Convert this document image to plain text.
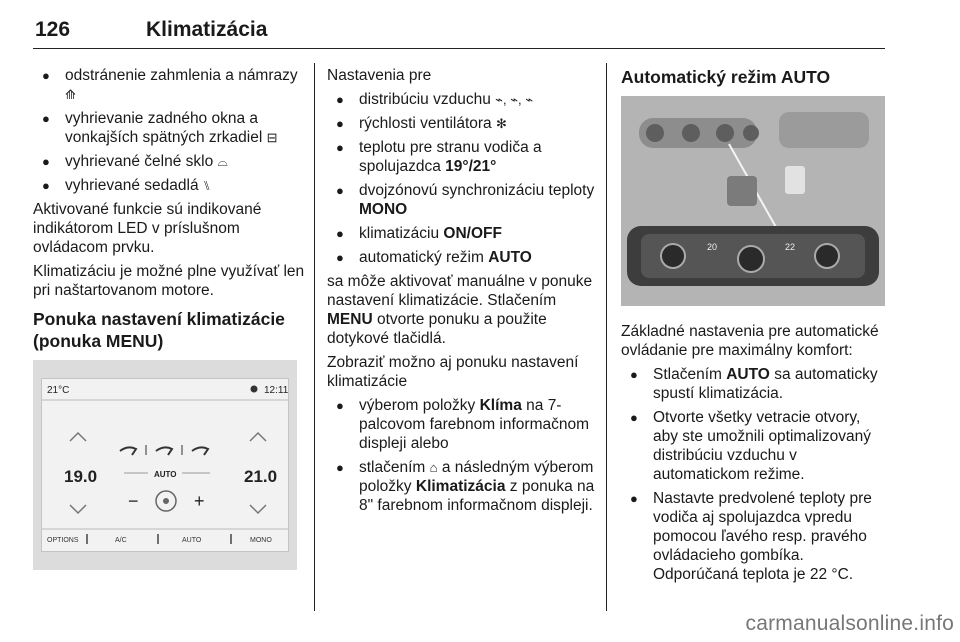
126	Klimatizácia
● odstránenie zahmlenia a námrazy ⟰
● vyhrievanie zadného okna a vonkajších spätných zrkadiel ⊟
● vyhrievané čelné sklo ⌓
● vyhrievané sedadlá ⑊

Aktivované funkcie sú indikované indikátorom LED v príslušnom ovládacom prvku.

Klimatizáciu je možné plne využívať len pri naštartovanom motore.

Ponuka nastavení klimatizácie (ponuka MENU)
21°C	12:11
19.0	21.0
AUTO
−	+
OPTIONS	A/C	AUTO	MONO

Nastavenia pre

● distribúciu vzduchu ⌁, ⌁, ⌁
● rýchlosti ventilátora ✻
● teplotu pre stranu vodiča a spolujazdca 19°/21°
● dvojzónovú synchronizáciu teploty MONO
● klimatizáciu ON/OFF
● automatický režim AUTO

sa môže aktivovať manuálne v ponuke nastavení klimatizácie. Stlačením MENU otvorte ponuku a použite dotykové tlačidlá.

Zobraziť možno aj ponuku nastavení klimatizácie

● výberom položky Klíma na 7-palcovom farebnom informačnom displeji alebo
● stlačením ⌂ a následným výberom položky Klimatizácia z ponuka na 8" farebnom informačnom displeji.
Automatický režim AUTO
20	22

Základné nastavenia pre automatické ovládanie pre maximálny komfort:

● Stlačením AUTO sa automaticky spustí klimatizácia.
● Otvorte všetky vetracie otvory, aby ste umožnili optimalizovaný distribúciu vzduchu v automatickom režime.
● Nastavte predvolené teploty pre vodiča aj spolujazdca vpredu pomocou ľavého resp. pravého ovládacieho gombíka. Odporúčaná teplota je 22 °C.
carmanualsonline.info
